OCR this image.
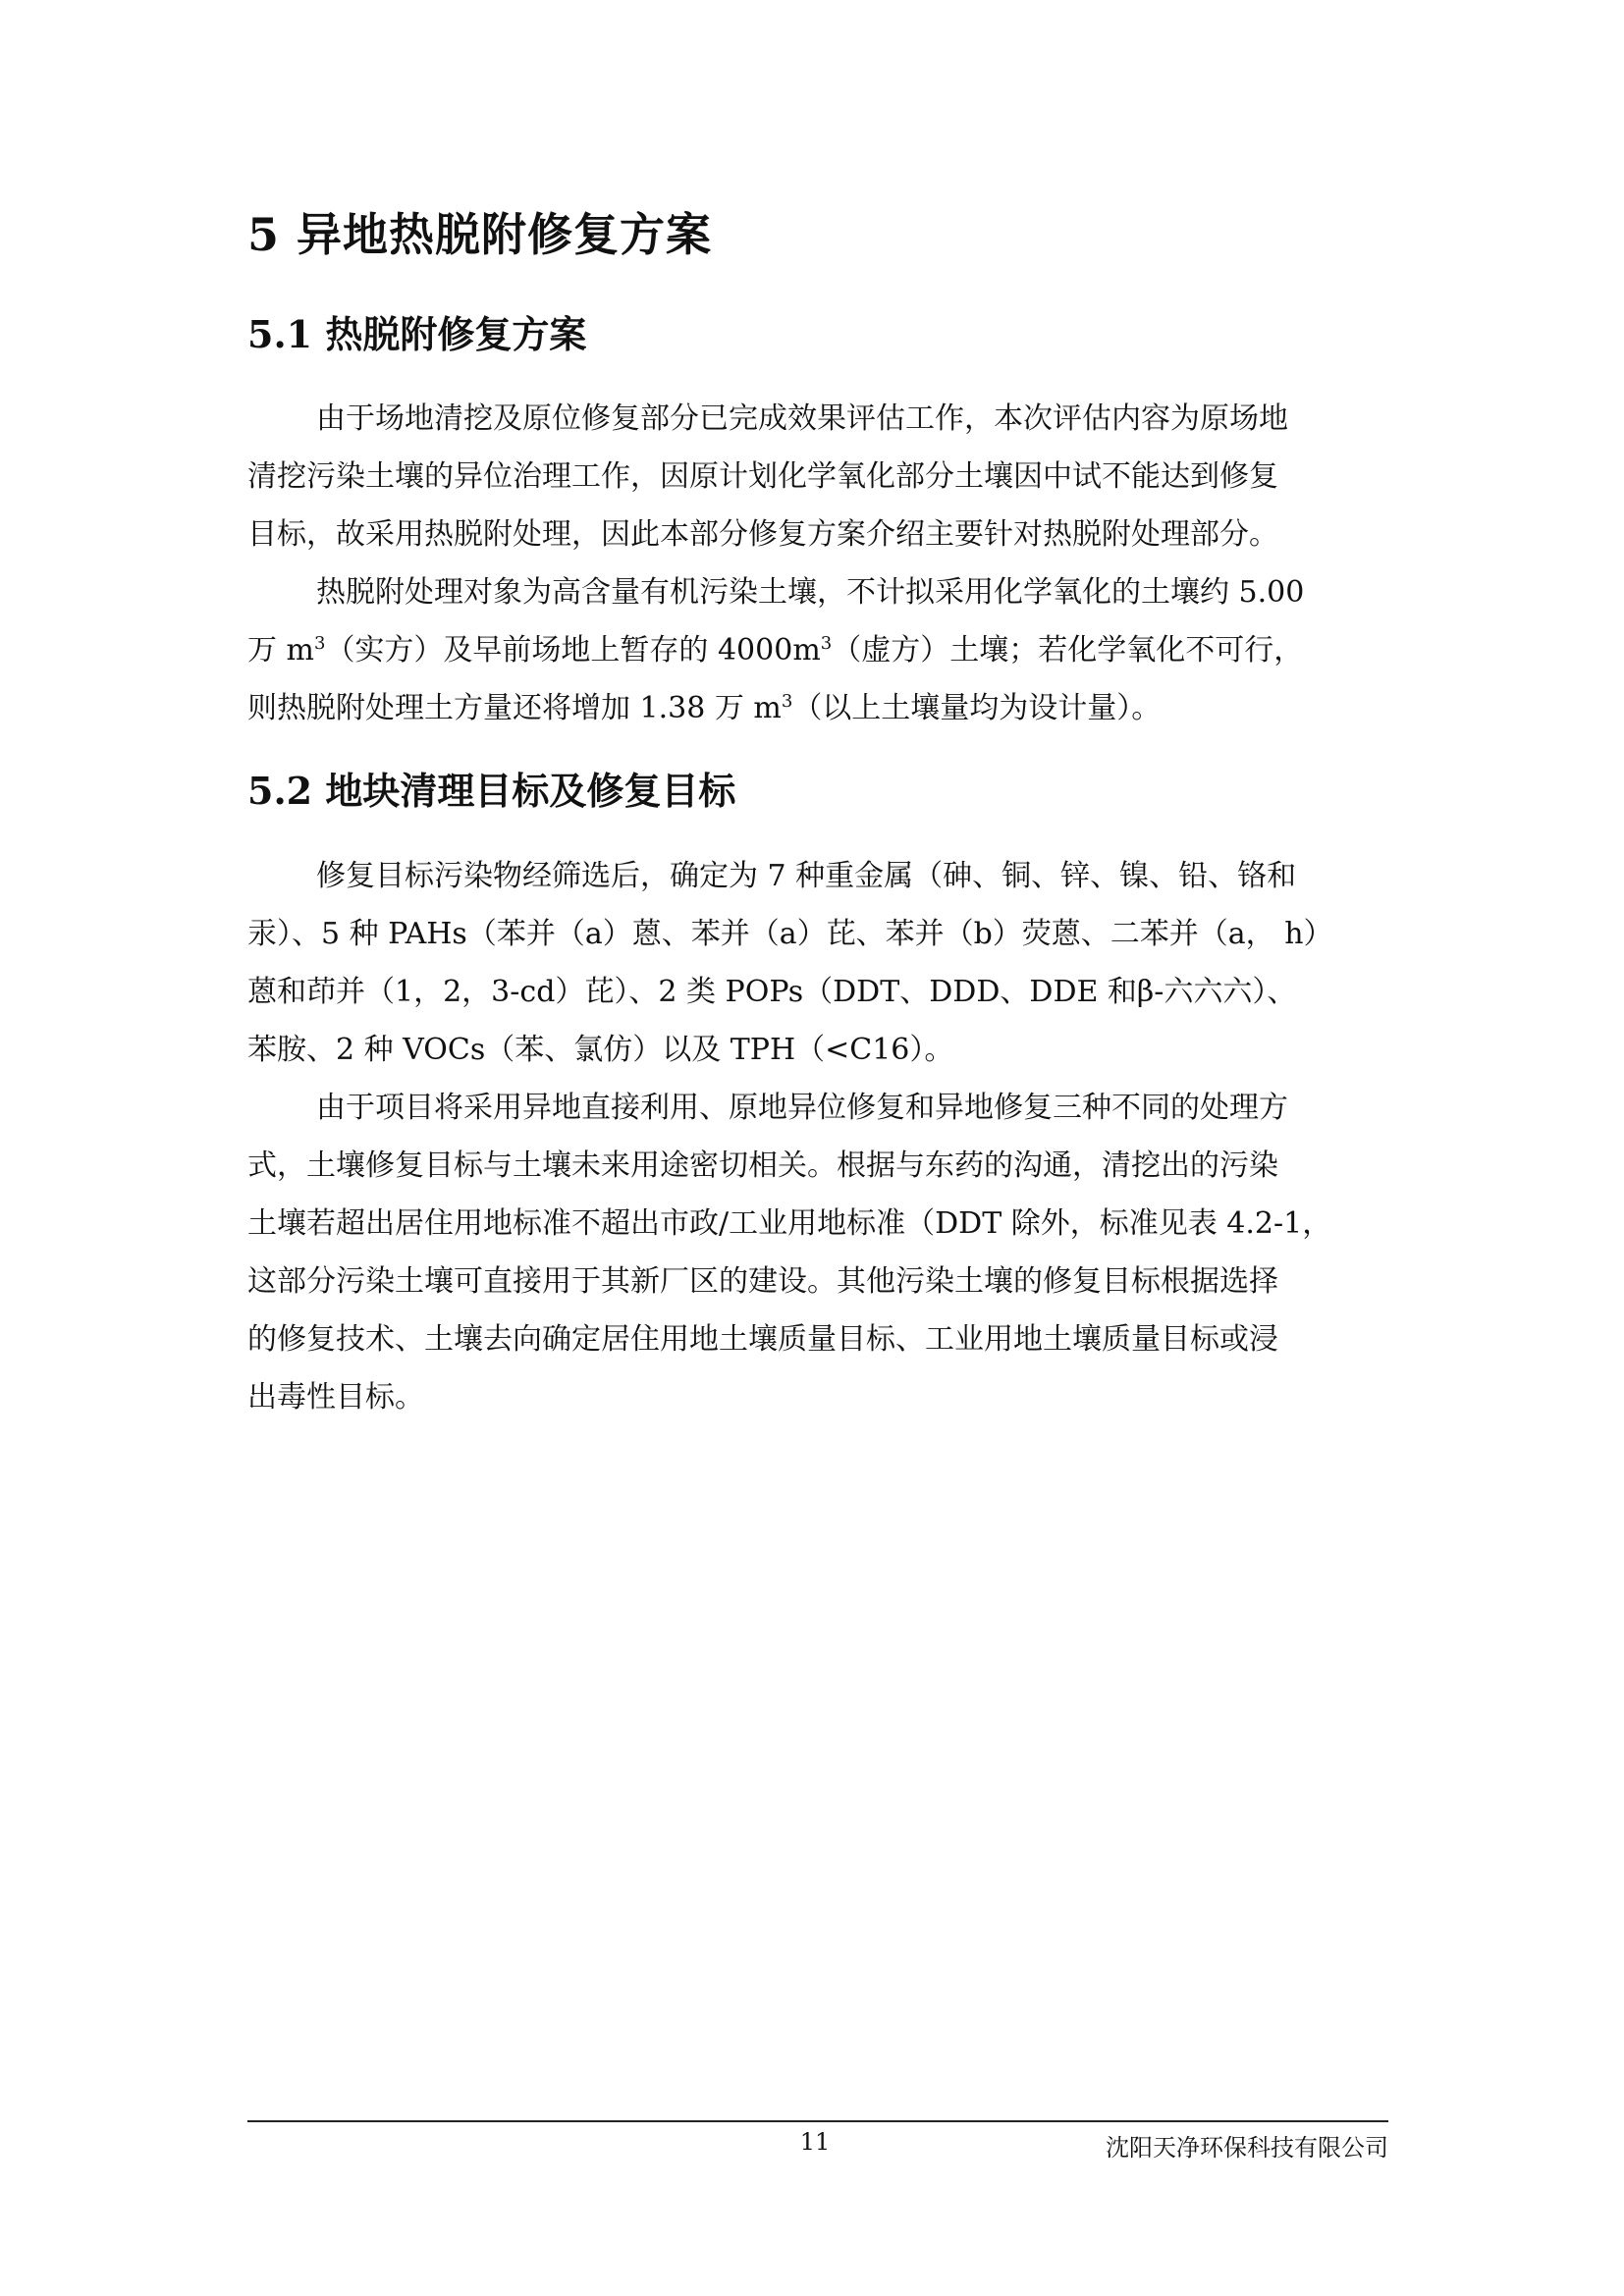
5 异地热脱附修复方案
5.1 热脱附修复方案
由于场地清挖及原位修复部分已完成效果评估工作，本次评估内容为原场地
清挖污染土壤的异位治理工作，因原计划化学氧化部分土壤因中试不能达到修复
目标，故采用热脱附处理，因此本部分修复方案介绍主要针对热脱附处理部分。
热脱附处理对象为高含量有机污染土壤，不计拟采用化学氧化的土壤约 5.00
万 $m^3$（实方）及早前场地上暂存的 $4000m^3$（虚方）土壤；若化学氧化不可行，
则热脱附处理土方量还将增加 1.38 万 $m^3$（以上土壤量均为设计量）。
5.2 地块清理目标及修复目标
修复目标污染物经筛选后，确定为 7 种重金属（砷、铜、锌、镍、铅、铬和
汞）、5 种 PAHs（苯并（a）蒽、苯并（a）芘、苯并（b）荧蒽、二苯并（a， h）
蒽和茚并（1，2，3-cd）芘）、2 类 POPs（DDT、DDD、DDE 和β-六六六）、
苯胺、2 种 VOCs（苯、氯仿）以及 TPH（<C16）。
由于项目将采用异地直接利用、原地异位修复和异地修复三种不同的处理方
式，土壤修复目标与土壤未来用途密切相关。根据与东药的沟通，清挖出的污染
土壤若超出居住用地标准不超出市政/工业用地标准（DDT 除外，标准见表 4.2-1，
这部分污染土壤可直接用于其新厂区的建设。其他污染土壤的修复目标根据选择
的修复技术、土壤去向确定居住用地土壤质量目标、工业用地土壤质量目标或浸
出毒性目标。
11	沈阳天净环保科技有限公司
